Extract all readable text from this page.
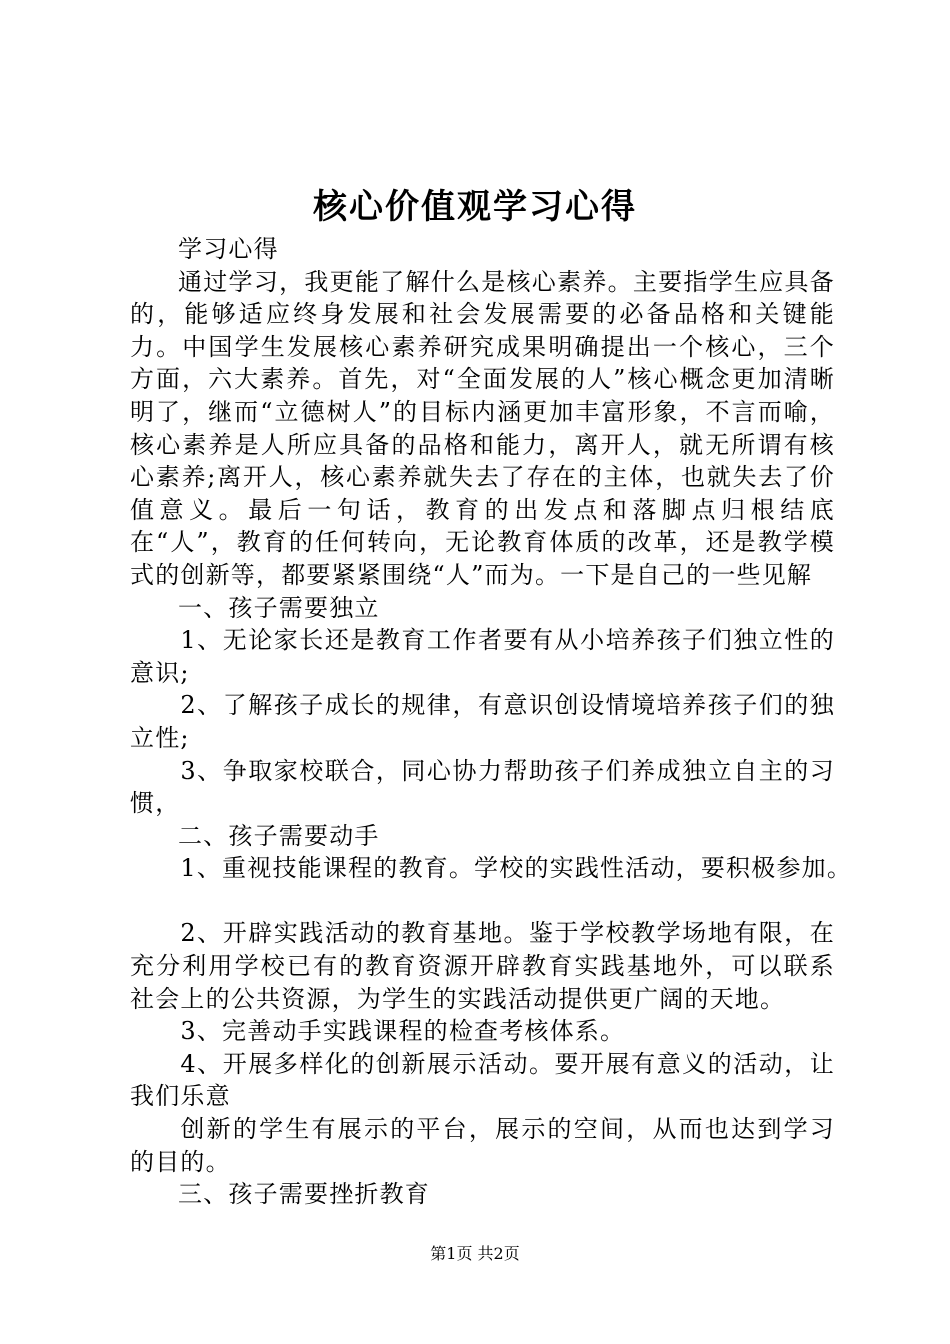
核心价值观学习心得

学习心得

通过学习，我更能了解什么是核心素养。主要指学生应具备的，能够适应终身发展和社会发展需要的必备品格和关键能力。中国学生发展核心素养研究成果明确提出一个核心，三个方面，六大素养。首先，对“全面发展的人”核心概念更加清晰明了，继而“立德树人”的目标内涵更加丰富形象，不言而喻，核心素养是人所应具备的品格和能力，离开人，就无所谓有核心素养;离开人，核心素养就失去了存在的主体，也就失去了价值意义。最后一句话，教育的出发点和落脚点归根结底在“人”，教育的任何转向，无论教育体质的改革，还是教学模式的创新等，都要紧紧围绕“人”而为。一下是自己的一些见解

一、孩子需要独立

1、无论家长还是教育工作者要有从小培养孩子们独立性的意识;

2、了解孩子成长的规律，有意识创设情境培养孩子们的独立性;

3、争取家校联合，同心协力帮助孩子们养成独立自主的习惯，

二、孩子需要动手

1、重视技能课程的教育。学校的实践性活动，要积极参加。

2、开辟实践活动的教育基地。鉴于学校教学场地有限，在充分利用学校已有的教育资源开辟教育实践基地外，可以联系社会上的公共资源，为学生的实践活动提供更广阔的天地。

3、完善动手实践课程的检查考核体系。

4、开展多样化的创新展示活动。要开展有意义的活动，让我们乐意

创新的学生有展示的平台，展示的空间，从而也达到学习的目的。

三、孩子需要挫折教育

第1页 共2页
